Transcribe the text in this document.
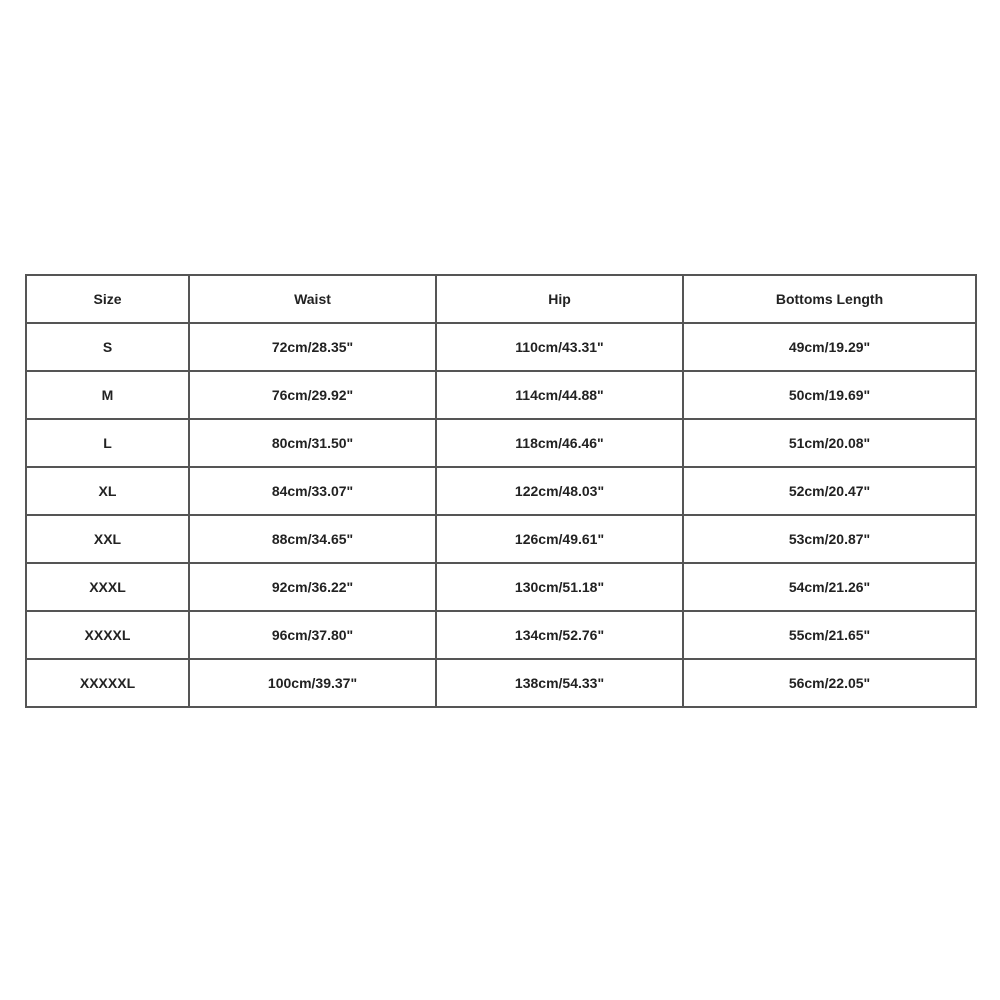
Size	Waist	Hip	Bottoms Length
S	72cm/28.35"	110cm/43.31"	49cm/19.29"
M	76cm/29.92"	114cm/44.88"	50cm/19.69"
L	80cm/31.50"	118cm/46.46"	51cm/20.08"
XL	84cm/33.07"	122cm/48.03"	52cm/20.47"
XXL	88cm/34.65"	126cm/49.61"	53cm/20.87"
XXXL	92cm/36.22"	130cm/51.18"	54cm/21.26"
XXXXL	96cm/37.80"	134cm/52.76"	55cm/21.65"
XXXXXL	100cm/39.37"	138cm/54.33"	56cm/22.05"
